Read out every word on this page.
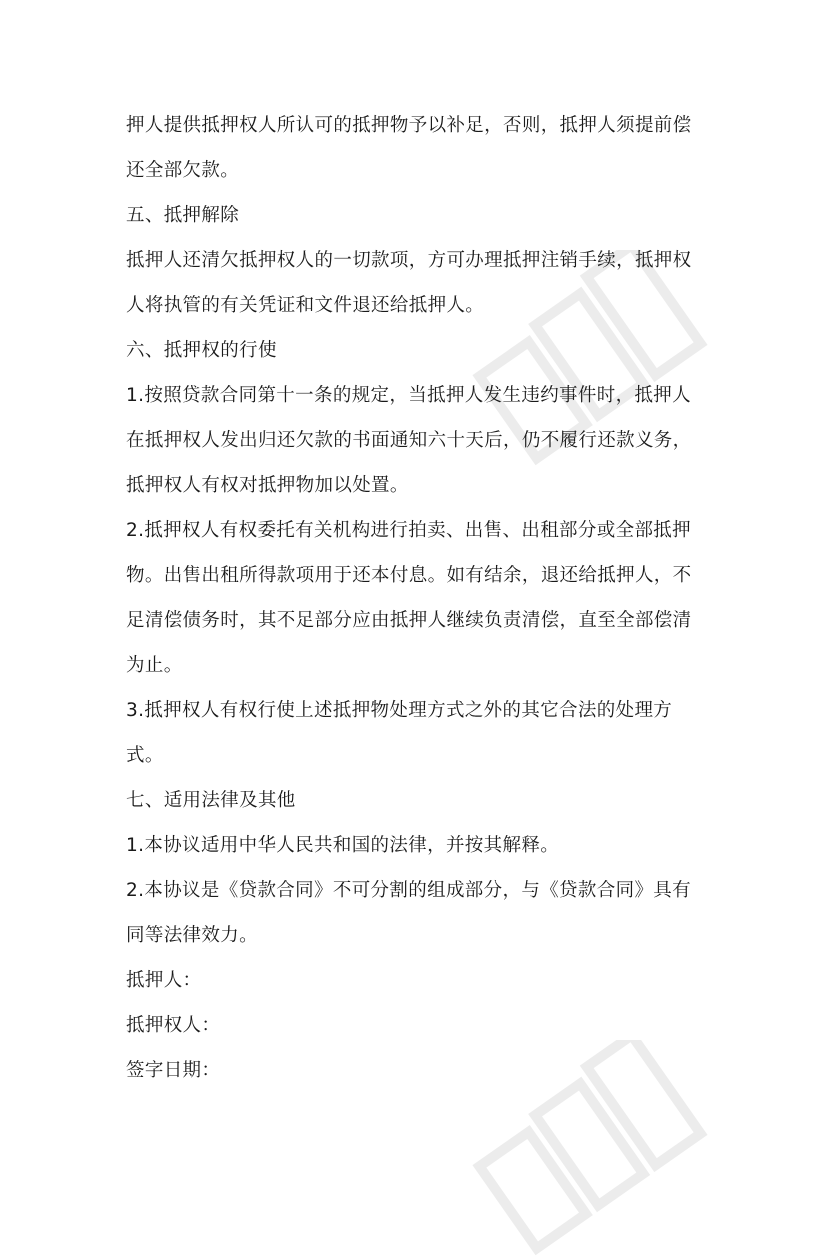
押人提供抵押权人所认可的抵押物予以补足，否则，抵押人须提前偿
还全部欠款。
五、抵押解除
抵押人还清欠抵押权人的一切款项，方可办理抵押注销手续，抵押权
人将执管的有关凭证和文件退还给抵押人。
六、抵押权的行使
1.按照贷款合同第十一条的规定，当抵押人发生违约事件时，抵押人
在抵押权人发出归还欠款的书面通知六十天后，仍不履行还款义务，
抵押权人有权对抵押物加以处置。
2.抵押权人有权委托有关机构进行拍卖、出售、出租部分或全部抵押
物。出售出租所得款项用于还本付息。如有结余，退还给抵押人，不
足清偿债务时，其不足部分应由抵押人继续负责清偿，直至全部偿清
为止。
3.抵押权人有权行使上述抵押物处理方式之外的其它合法的处理方
式。
七、适用法律及其他
1.本协议适用中华人民共和国的法律，并按其解释。
2.本协议是《贷款合同》不可分割的组成部分，与《贷款合同》具有
同等法律效力。
抵押人：
抵押权人：
签字日期：
